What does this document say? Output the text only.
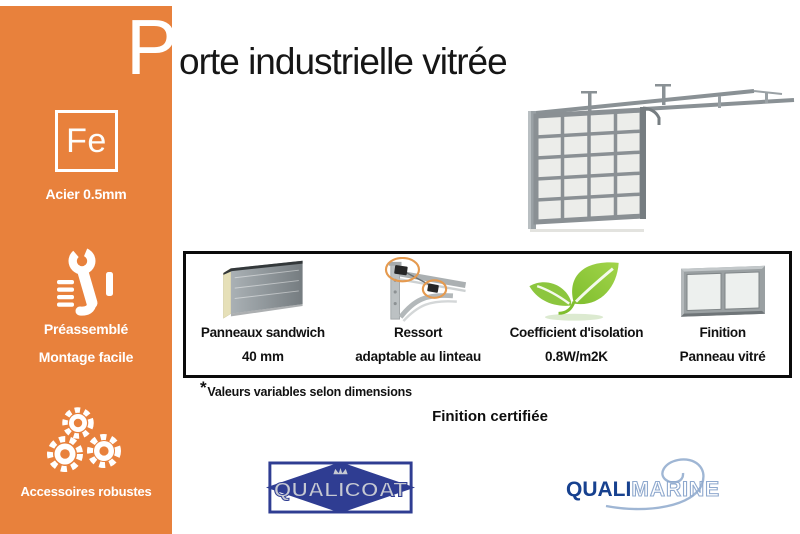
Fe
Acier 0.5mm
Préassemblé
Montage facile
Accessoires robustes
P orte industrielle vitrée
Panneaux sandwich
40 mm
Ressort
adaptable au linteau
Coefficient d'isolation
0.8W/m2K
Finition
Panneau vitré
*Valeurs variables selon dimensions
Finition certifiée
QUALICOAT	QUALIMARINE
